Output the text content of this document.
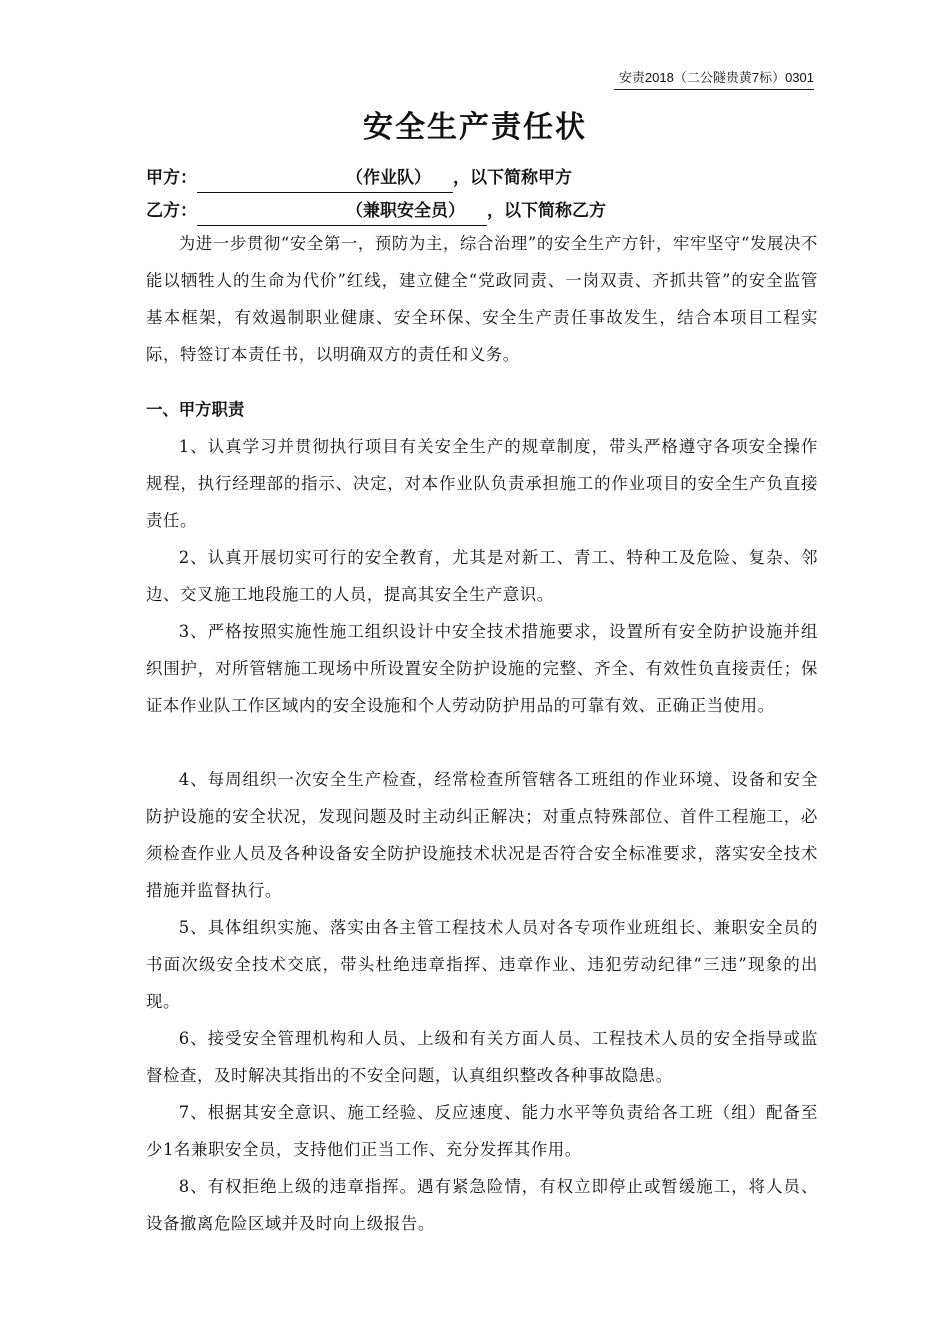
安责2018（二公隧贵黄7标）0301
安全生产责任状
甲方：	（作业队） ，以下简称甲方
乙方：	（兼职安全员） ，以下简称乙方
为进一步贯彻“安全第一，预防为主，综合治理”的安全生产方针，牢牢坚守“发展决不能以牺牲人的生命为代价”红线，建立健全“党政同责、一岗双责、齐抓共管”的安全监管基本框架，有效遏制职业健康、安全环保、安全生产责任事故发生，结合本项目工程实际，特签订本责任书，以明确双方的责任和义务。
一、甲方职责
1、认真学习并贯彻执行项目有关安全生产的规章制度，带头严格遵守各项安全操作规程，执行经理部的指示、决定，对本作业队负责承担施工的作业项目的安全生产负直接责任。
2、认真开展切实可行的安全教育，尤其是对新工、青工、特种工及危险、复杂、邻边、交叉施工地段施工的人员，提高其安全生产意识。
3、严格按照实施性施工组织设计中安全技术措施要求，设置所有安全防护设施并组织围护，对所管辖施工现场中所设置安全防护设施的完整、齐全、有效性负直接责任；保证本作业队工作区域内的安全设施和个人劳动防护用品的可靠有效、正确正当使用。
4、每周组织一次安全生产检查，经常检查所管辖各工班组的作业环境、设备和安全防护设施的安全状况，发现问题及时主动纠正解决；对重点特殊部位、首件工程施工，必须检查作业人员及各种设备安全防护设施技术状况是否符合安全标准要求，落实安全技术措施并监督执行。
5、具体组织实施、落实由各主管工程技术人员对各专项作业班组长、兼职安全员的书面次级安全技术交底，带头杜绝违章指挥、违章作业、违犯劳动纪律“三违”现象的出现。
6、接受安全管理机构和人员、上级和有关方面人员、工程技术人员的安全指导或监督检查，及时解决其指出的不安全问题，认真组织整改各种事故隐患。
7、根据其安全意识、施工经验、反应速度、能力水平等负责给各工班（组）配备至少1名兼职安全员，支持他们正当工作、充分发挥其作用。
8、有权拒绝上级的违章指挥。遇有紧急险情，有权立即停止或暂缓施工，将人员、设备撤离危险区域并及时向上级报告。
